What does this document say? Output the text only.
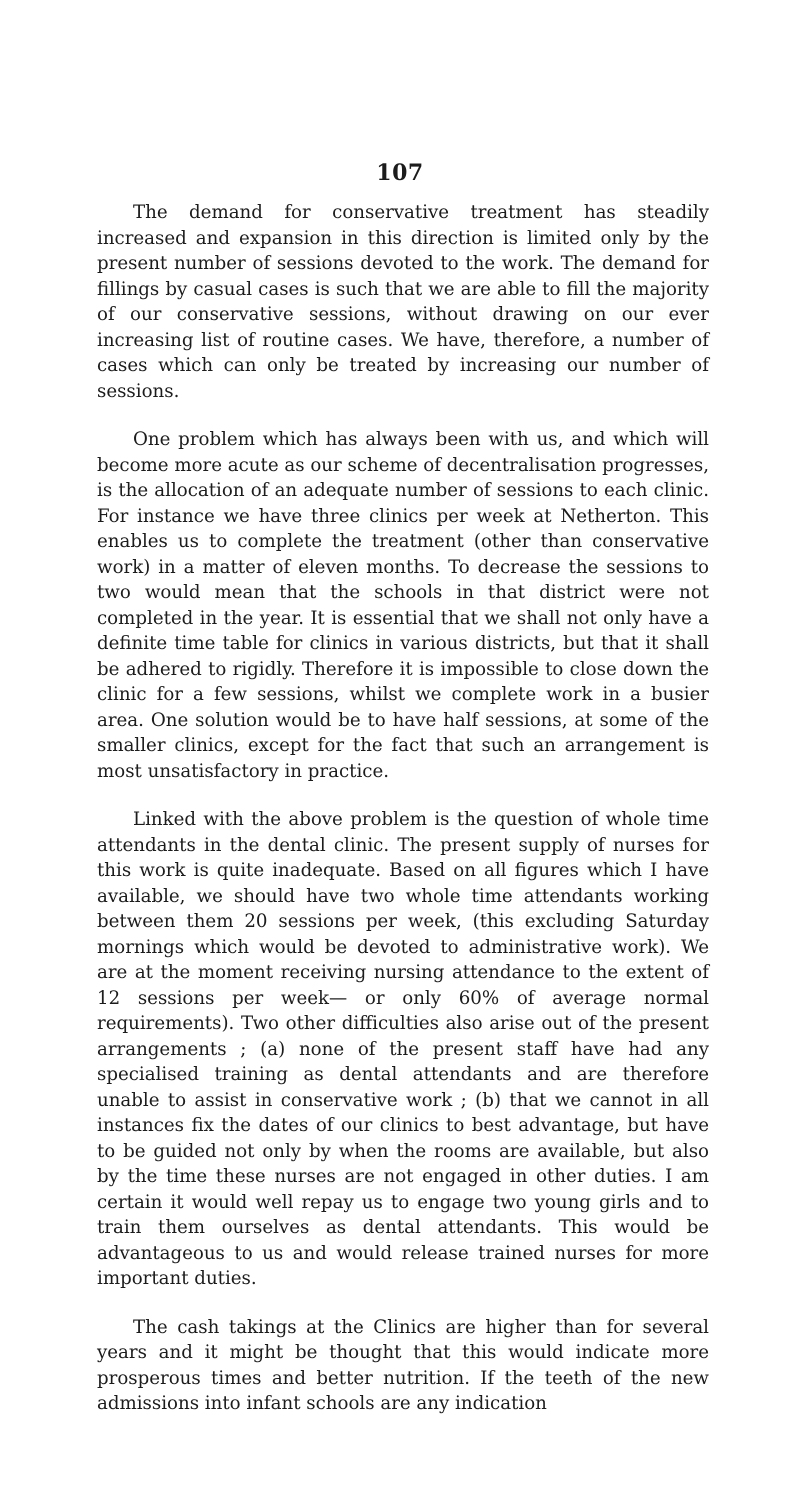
107

The demand for conservative treatment has steadily increased and expansion in this direction is limited only by the present number of sessions devoted to the work. The demand for fillings by casual cases is such that we are able to fill the majority of our conservative sessions, without drawing on our ever increasing list of routine cases. We have, therefore, a number of cases which can only be treated by increasing our number of sessions.

One problem which has always been with us, and which will become more acute as our scheme of decentralisation progresses, is the allocation of an adequate number of sessions to each clinic. For instance we have three clinics per week at Netherton. This enables us to complete the treatment (other than conservative work) in a matter of eleven months. To decrease the sessions to two would mean that the schools in that district were not completed in the year. It is essential that we shall not only have a definite time table for clinics in various districts, but that it shall be adhered to rigidly. Therefore it is impossible to close down the clinic for a few sessions, whilst we complete work in a busier area. One solution would be to have half sessions, at some of the smaller clinics, except for the fact that such an arrangement is most unsatisfactory in practice.

Linked with the above problem is the question of whole time attendants in the dental clinic. The present supply of nurses for this work is quite inadequate. Based on all figures which I have available, we should have two whole time attendants working between them 20 sessions per week, (this excluding Saturday mornings which would be devoted to administrative work). We are at the moment receiving nursing attendance to the extent of 12 sessions per week— or only 60% of average normal requirements). Two other difficulties also arise out of the present arrangements ; (a) none of the present staff have had any specialised training as dental attendants and are therefore unable to assist in conservative work ; (b) that we cannot in all instances fix the dates of our clinics to best advantage, but have to be guided not only by when the rooms are available, but also by the time these nurses are not engaged in other duties. I am certain it would well repay us to engage two young girls and to train them ourselves as dental attendants. This would be advantageous to us and would release trained nurses for more important duties.

The cash takings at the Clinics are higher than for several years and it might be thought that this would indicate more prosperous times and better nutrition. If the teeth of the new admissions into infant schools are any indication
